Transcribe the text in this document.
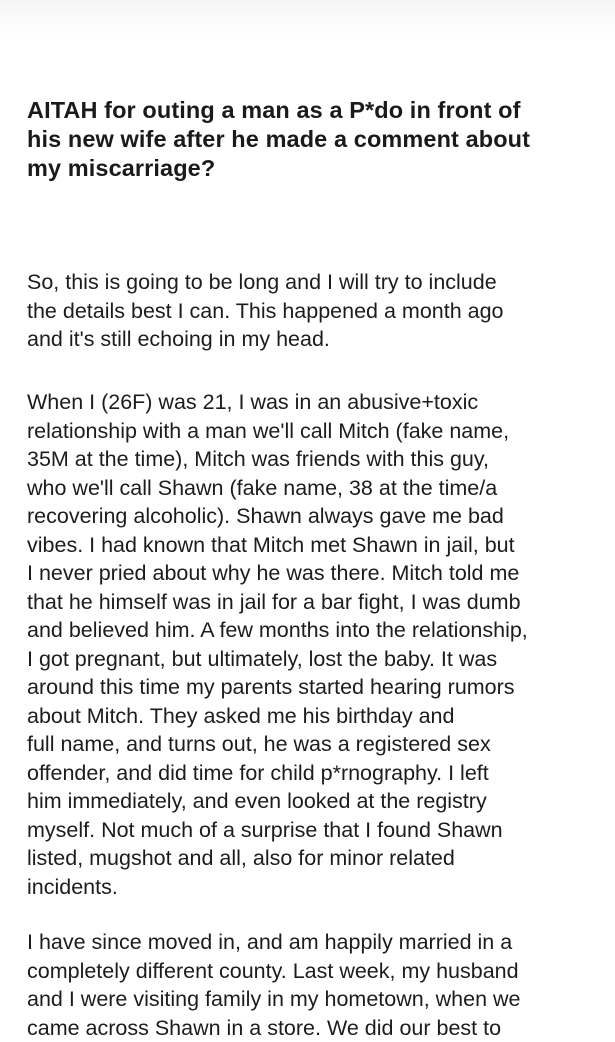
AITAH for outing a man as a P*do in front of
his new wife after he made a comment about
my miscarriage?

So, this is going to be long and I will try to include
the details best I can. This happened a month ago
and it's still echoing in my head.

When I (26F) was 21, I was in an abusive+toxic
relationship with a man we'll call Mitch (fake name,
35M at the time), Mitch was friends with this guy,
who we'll call Shawn (fake name, 38 at the time/a
recovering alcoholic). Shawn always gave me bad
vibes. I had known that Mitch met Shawn in jail, but
I never pried about why he was there. Mitch told me
that he himself was in jail for a bar fight, I was dumb
and believed him. A few months into the relationship,
I got pregnant, but ultimately, lost the baby. It was
around this time my parents started hearing rumors
about Mitch. They asked me his birthday and
full name, and turns out, he was a registered sex
offender, and did time for child p*rnography. I left
him immediately, and even looked at the registry
myself. Not much of a surprise that I found Shawn
listed, mugshot and all, also for minor related
incidents.

I have since moved in, and am happily married in a
completely different county. Last week, my husband
and I were visiting family in my hometown, when we
came across Shawn in a store. We did our best to
